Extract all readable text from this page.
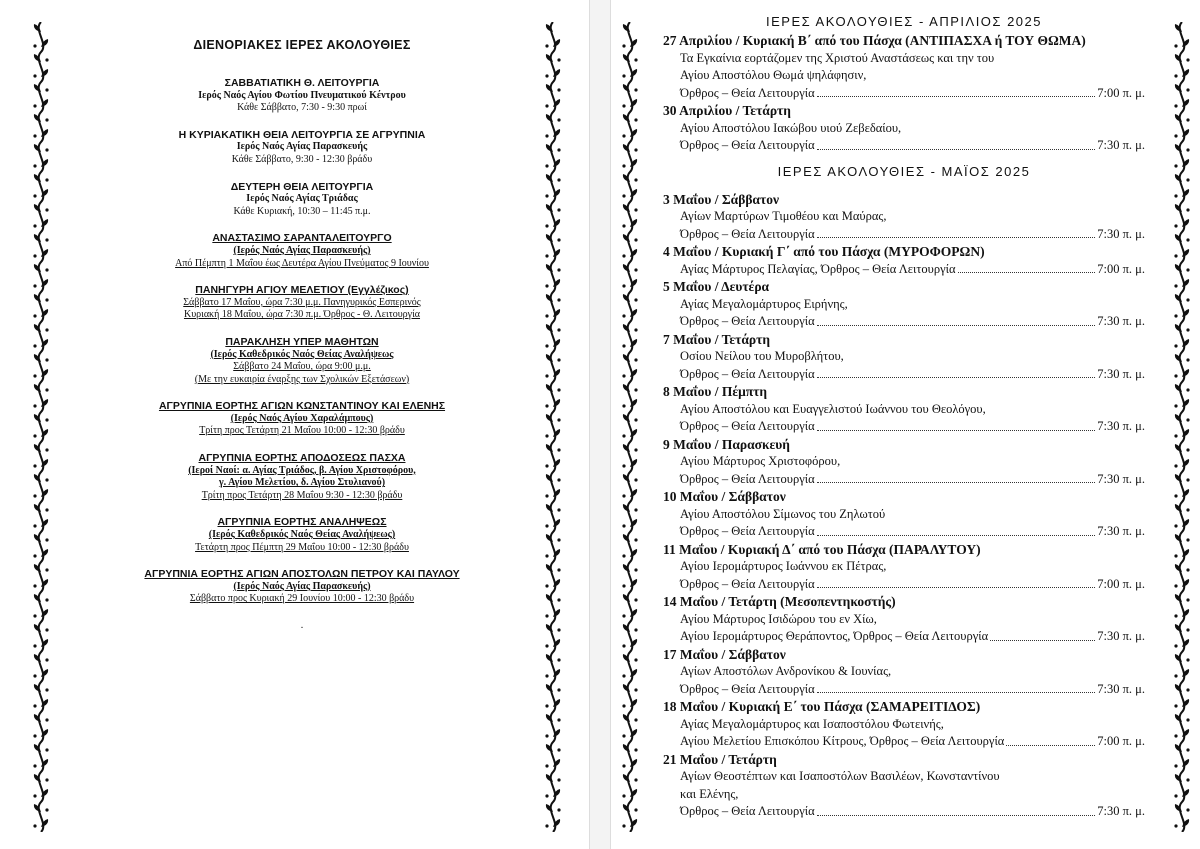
ΔΙΕΝΟΡΙΑΚΕΣ ΙΕΡΕΣ ΑΚΟΛΟΥΘΙΕΣ
ΣΑΒΒΑΤΙΑΤΙΚΗ Θ. ΛΕΙΤΟΥΡΓΙΑ
Ιερός Ναός Αγίου Φωτίου Πνευματικού Κέντρου
Κάθε Σάββατο, 7:30 - 9:30 πρωί
Η ΚΥΡΙΑΚΑΤΙΚΗ ΘΕΙΑ ΛΕΙΤΟΥΡΓΙΑ ΣΕ ΑΓΡΥΠΝΙΑ
Ιερός Ναός Αγίας Παρασκευής
Κάθε Σάββατο, 9:30 - 12:30 βράδυ
ΔΕΥΤΕΡΗ ΘΕΙΑ ΛΕΙΤΟΥΡΓΙΑ
Ιερός Ναός Αγίας Τριάδας
Κάθε Κυριακή, 10:30 – 11:45 π.μ.
ΑΝΑΣΤΑΣΙΜΟ ΣΑΡΑΝΤΑΛΕΙΤΟΥΡΓΟ
(Ιερός Ναός Αγίας Παρασκευής)
Από Πέμπτη 1 Μαΐου έως Δευτέρα Αγίου Πνεύματος 9 Ιουνίου
ΠΑΝΗΓΥΡΗ ΑΓΙΟΥ ΜΕΛΕΤΙΟΥ (Εγγλέζικος)
Σάββατο 17 Μαΐου, ώρα 7:30 μ.μ. Πανηγυρικός Εσπερινός
Κυριακή 18 Μαΐου, ώρα 7:30 π.μ. Όρθρος - Θ. Λειτουργία
ΠΑΡΑΚΛΗΣΗ ΥΠΕΡ ΜΑΘΗΤΩΝ
(Ιερός Καθεδρικός Ναός Θείας Αναλήψεως
Σάββατο 24 Μαΐου, ώρα 9:00 μ.μ.
(Με την ευκαιρία έναρξης των Σχολικών Εξετάσεων)
ΑΓΡΥΠΝΙΑ ΕΟΡΤΗΣ ΑΓΙΩΝ ΚΩΝΣΤΑΝΤΙΝΟΥ ΚΑΙ ΕΛΕΝΗΣ
(Ιερός Ναός Αγίου Χαραλάμπους)
Τρίτη προς Τετάρτη 21 Μαΐου 10:00 - 12:30 βράδυ
ΑΓΡΥΠΝΙΑ ΕΟΡΤΗΣ ΑΠΟΔΟΣΕΩΣ ΠΑΣΧΑ
(Ιεροί Ναοί: α. Αγίας Τριάδος, β. Αγίου Χριστοφόρου,
γ. Αγίου Μελετίου, δ. Αγίου Στυλιανού)
Τρίτη προς Τετάρτη 28 Μαΐου 9:30 - 12:30 βράδυ
ΑΓΡΥΠΝΙΑ ΕΟΡΤΗΣ ΑΝΑΛΗΨΕΩΣ
(Ιερός Καθεδρικός Ναός Θείας Αναλήψεως)
Τετάρτη προς Πέμπτη 29 Μαΐου 10:00 - 12:30 βράδυ
ΑΓΡΥΠΝΙΑ ΕΟΡΤΗΣ ΑΓΙΩΝ ΑΠΟΣΤΟΛΩΝ ΠΕΤΡΟΥ ΚΑΙ ΠΑΥΛΟΥ
(Ιερός Ναός Αγίας Παρασκευής)
Σάββατο προς Κυριακή 29 Ιουνίου 10:00 - 12:30 βράδυ
.
ΙΕΡΕΣ ΑΚΟΛΟΥΘΙΕΣ - ΑΠΡΙΛΙΟΣ 2025
27 Απριλίου / Κυριακή Β΄ από του Πάσχα (ΑΝΤΙΠΑΣΧΑ ή ΤΟΥ ΘΩΜΑ)
Τα Εγκαίνια εορτάζομεν της Χριστού Αναστάσεως και την του
Αγίου Αποστόλου Θωμά ψηλάφησιν,
Όρθρος – Θεία Λειτουργία	7:00 π. μ.
30 Απριλίου / Τετάρτη
Αγίου Αποστόλου Ιακώβου υιού Ζεβεδαίου,
Όρθρος – Θεία Λειτουργία	7:30 π. μ.
ΙΕΡΕΣ ΑΚΟΛΟΥΘΙΕΣ - ΜΑΪΟΣ 2025
3 Μαΐου / Σάββατον
Αγίων Μαρτύρων Τιμοθέου και Μαύρας,
Όρθρος – Θεία Λειτουργία	7:30 π. μ.
4 Μαΐου / Κυριακή Γ΄ από του Πάσχα (ΜΥΡΟΦΟΡΩΝ)
Αγίας Μάρτυρος Πελαγίας, Όρθρος – Θεία Λειτουργία	7:00 π. μ.
5 Μαΐου / Δευτέρα
Αγίας Μεγαλομάρτυρος Ειρήνης,
Όρθρος – Θεία Λειτουργία	7:30 π. μ.
7 Μαΐου / Τετάρτη
Οσίου Νείλου του Μυροβλήτου,
Όρθρος – Θεία Λειτουργία	7:30 π. μ.
8 Μαΐου / Πέμπτη
Αγίου Αποστόλου και Ευαγγελιστού Ιωάννου του Θεολόγου,
Όρθρος – Θεία Λειτουργία	7:30 π. μ.
9 Μαΐου / Παρασκευή
Αγίου Μάρτυρος Χριστοφόρου,
Όρθρος – Θεία Λειτουργία	7:30 π. μ.
10 Μαΐου / Σάββατον
Αγίου Αποστόλου Σίμωνος του Ζηλωτού
Όρθρος – Θεία Λειτουργία	7:30 π. μ.
11 Μαΐου / Κυριακή Δ΄ από του Πάσχα (ΠΑΡΑΛΥΤΟΥ)
Αγίου Ιερομάρτυρος Ιωάννου εκ Πέτρας,
Όρθρος – Θεία Λειτουργία	7:00 π. μ.
14 Μαΐου / Τετάρτη (Μεσοπεντηκοστής)
Αγίου Μάρτυρος Ισιδώρου του εν Χίω,
Αγίου Ιερομάρτυρος Θεράποντος, Όρθρος – Θεία Λειτουργία	7:30 π. μ.
17 Μαΐου / Σάββατον
Αγίων Αποστόλων Ανδρονίκου & Ιουνίας,
Όρθρος – Θεία Λειτουργία	7:30 π. μ.
18 Μαΐου / Κυριακή Ε΄ του Πάσχα (ΣΑΜΑΡΕΙΤΙΔΟΣ)
Αγίας Μεγαλομάρτυρος και Ισαποστόλου Φωτεινής,
Αγίου Μελετίου Επισκόπου Κίτρους, Όρθρος – Θεία Λειτουργία	7:00 π. μ.
21 Μαΐου / Τετάρτη
Αγίων Θεοστέπτων και Ισαποστόλων Βασιλέων, Κωνσταντίνου
και Ελένης,
Όρθρος – Θεία Λειτουργία	7:30 π. μ.
